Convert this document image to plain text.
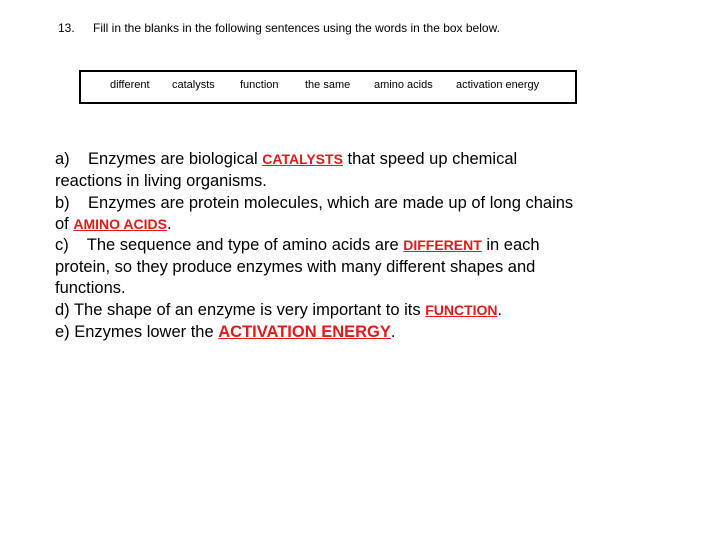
13. Fill in the blanks in the following sentences using the words in the box below.
different catalysts function the same amino acids activation energy
a)    Enzymes are biological CATALYSTS that speed up chemical
reactions in living organisms.
b)    Enzymes are protein molecules, which are made up of long chains
of AMINO ACIDS.
c)    The sequence and type of amino acids are DIFFERENT in each
protein, so they produce enzymes with many different shapes and
functions.
d) The shape of an enzyme is very important to its FUNCTION.
e) Enzymes lower the ACTIVATION ENERGY.
